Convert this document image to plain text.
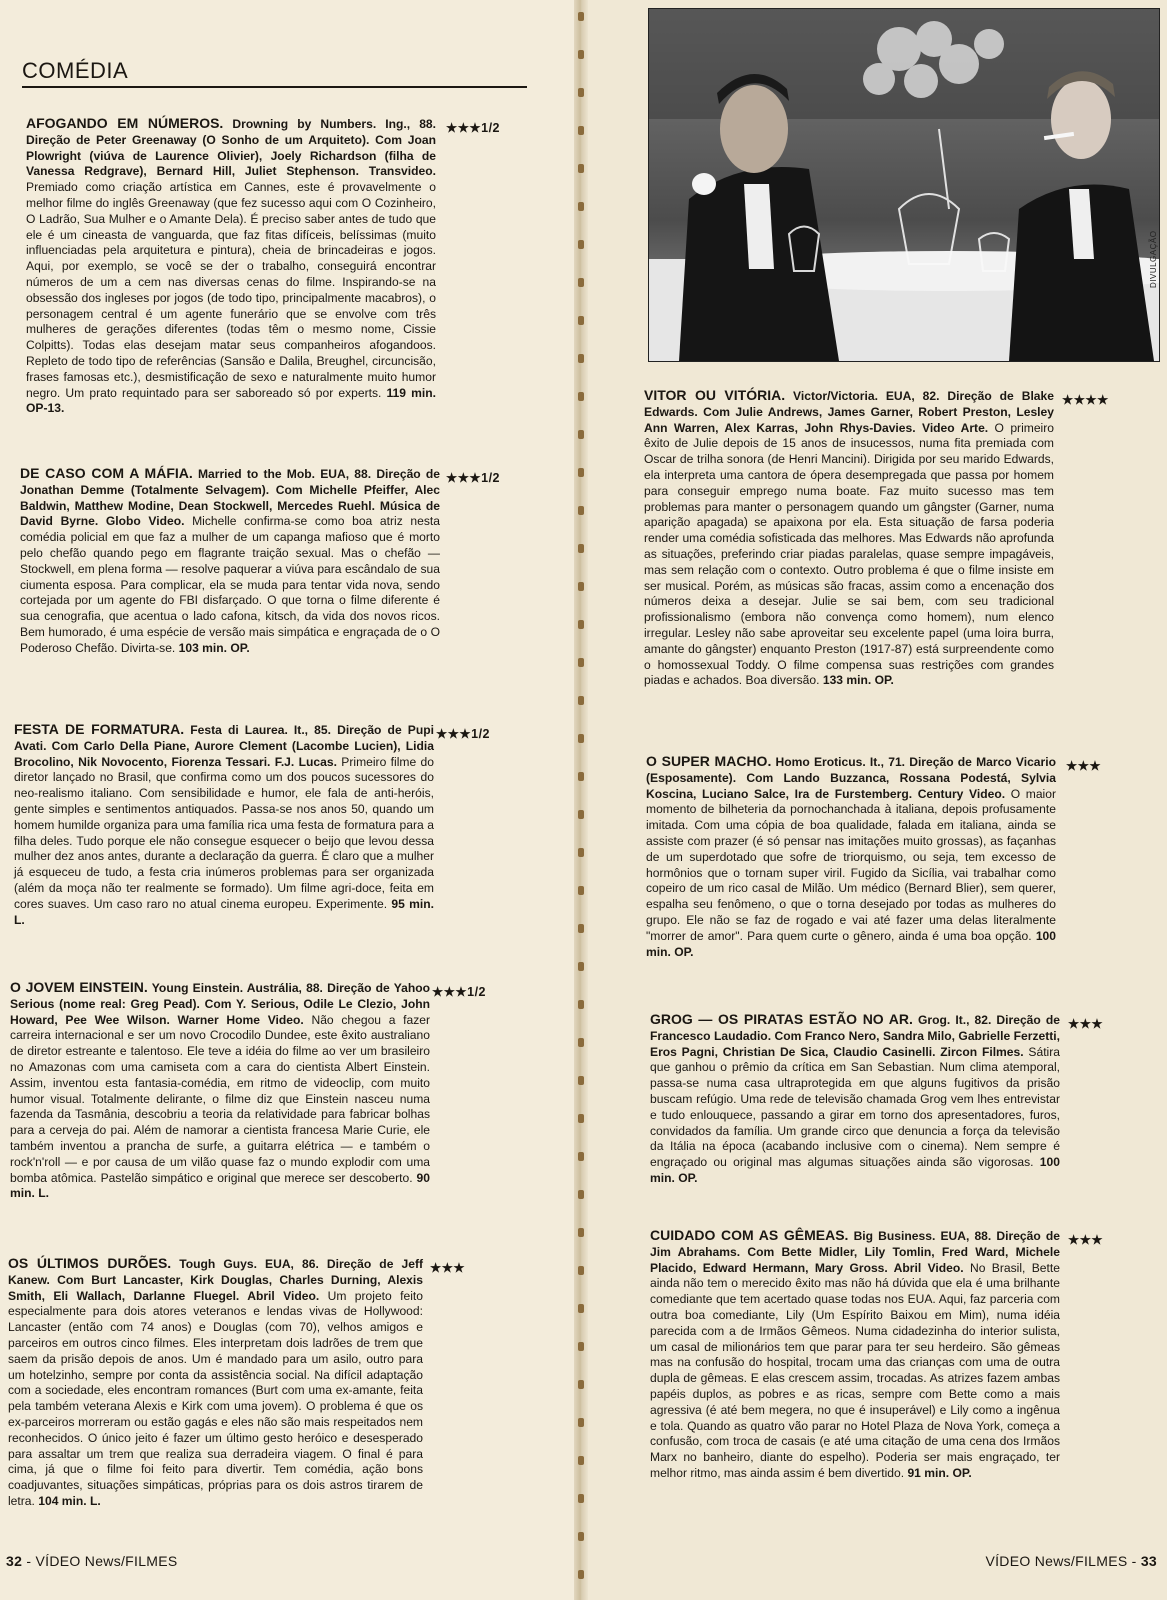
COMÉDIA
AFOGANDO EM NÚMEROS. Drowning by Numbers. Ing., 88. Direção de Peter Greenaway (O Sonho de um Arquiteto). Com Joan Plowright (viúva de Laurence Olivier), Joely Richardson (filha de Vanessa Redgrave), Bernard Hill, Juliet Stephenson. Transvideo. Premiado como criação artística em Cannes, este é provavelmente o melhor filme do inglês Greenaway (que fez sucesso aqui com O Cozinheiro, O Ladrão, Sua Mulher e o Amante Dela). É preciso saber antes de tudo que ele é um cineasta de vanguarda, que faz fitas difíceis, belíssimas (muito influenciadas pela arquitetura e pintura), cheia de brincadeiras e jogos. Aqui, por exemplo, se você se der o trabalho, conseguirá encontrar números de um a cem nas diversas cenas do filme. Inspirando-se na obsessão dos ingleses por jogos (de todo tipo, principalmente macabros), o personagem central é um agente funerário que se envolve com três mulheres de gerações diferentes (todas têm o mesmo nome, Cissie Colpitts). Todas elas desejam matar seus companheiros afogandoos. Repleto de todo tipo de referências (Sansão e Dalila, Breughel, circuncisão, frases famosas etc.), desmistificação de sexo e naturalmente muito humor negro. Um prato requintado para ser saboreado só por experts. 119 min. OP-13.
★★★1/2
DE CASO COM A MÁFIA. Married to the Mob. EUA, 88. Direção de Jonathan Demme (Totalmente Selvagem). Com Michelle Pfeiffer, Alec Baldwin, Matthew Modine, Dean Stockwell, Mercedes Ruehl. Música de David Byrne. Globo Video. Michelle confirma-se como boa atriz nesta comédia policial em que faz a mulher de um capanga mafioso que é morto pelo chefão quando pego em flagrante traição sexual. Mas o chefão — Stockwell, em plena forma — resolve paquerar a viúva para escândalo de sua ciumenta esposa. Para complicar, ela se muda para tentar vida nova, sendo cortejada por um agente do FBI disfarçado. O que torna o filme diferente é sua cenografia, que acentua o lado cafona, kitsch, da vida dos novos ricos. Bem humorado, é uma espécie de versão mais simpática e engraçada de o O Poderoso Chefão. Divirta-se. 103 min. OP.
★★★1/2
FESTA DE FORMATURA. Festa di Laurea. It., 85. Direção de Pupi Avati. Com Carlo Della Piane, Aurore Clement (Lacombe Lucien), Lidia Brocolino, Nik Novocento, Fiorenza Tessari. F.J. Lucas. Primeiro filme do diretor lançado no Brasil, que confirma como um dos poucos sucessores do neo-realismo italiano. Com sensibilidade e humor, ele fala de anti-heróis, gente simples e sentimentos antiquados. Passa-se nos anos 50, quando um homem humilde organiza para uma família rica uma festa de formatura para a filha deles. Tudo porque ele não consegue esquecer o beijo que levou dessa mulher dez anos antes, durante a declaração da guerra. É claro que a mulher já esqueceu de tudo, a festa cria inúmeros problemas para ser organizada (além da moça não ter realmente se formado). Um filme agri-doce, feita em cores suaves. Um caso raro no atual cinema europeu. Experimente. 95 min. L.
★★★1/2
O JOVEM EINSTEIN. Young Einstein. Austrália, 88. Direção de Yahoo Serious (nome real: Greg Pead). Com Y. Serious, Odile Le Clezio, John Howard, Pee Wee Wilson. Warner Home Video. Não chegou a fazer carreira internacional e ser um novo Crocodilo Dundee, este êxito australiano de diretor estreante e talentoso. Ele teve a idéia do filme ao ver um brasileiro no Amazonas com uma camiseta com a cara do cientista Albert Einstein. Assim, inventou esta fantasia-comédia, em ritmo de videoclip, com muito humor visual. Totalmente delirante, o filme diz que Einstein nasceu numa fazenda da Tasmânia, descobriu a teoria da relatividade para fabricar bolhas para a cerveja do pai. Além de namorar a cientista francesa Marie Curie, ele também inventou a prancha de surfe, a guitarra elétrica — e também o rock'n'roll — e por causa de um vilão quase faz o mundo explodir com uma bomba atômica. Pastelão simpático e original que merece ser descoberto. 90 min. L.
★★★1/2
OS ÚLTIMOS DURÕES. Tough Guys. EUA, 86. Direção de Jeff Kanew. Com Burt Lancaster, Kirk Douglas, Charles Durning, Alexis Smith, Eli Wallach, Darlanne Fluegel. Abril Video. Um projeto feito especialmente para dois atores veteranos e lendas vivas de Hollywood: Lancaster (então com 74 anos) e Douglas (com 70), velhos amigos e parceiros em outros cinco filmes. Eles interpretam dois ladrões de trem que saem da prisão depois de anos. Um é mandado para um asilo, outro para um hotelzinho, sempre por conta da assistência social. Na difícil adaptação com a sociedade, eles encontram romances (Burt com uma ex-amante, feita pela também veterana Alexis e Kirk com uma jovem). O problema é que os ex-parceiros morreram ou estão gagás e eles não são mais respeitados nem reconhecidos. O único jeito é fazer um último gesto heróico e desesperado para assaltar um trem que realiza sua derradeira viagem. O final é para cima, já que o filme foi feito para divertir. Tem comédia, ação bons coadjuvantes, situações simpáticas, próprias para os dois astros tirarem de letra. 104 min. L.
★★★
32 - VÍDEO News/FILMES
DIVULGAÇÃO
VITOR OU VITÓRIA. Victor/Victoria. EUA, 82. Direção de Blake Edwards. Com Julie Andrews, James Garner, Robert Preston, Lesley Ann Warren, Alex Karras, John Rhys-Davies. Video Arte. O primeiro êxito de Julie depois de 15 anos de insucessos, numa fita premiada com Oscar de trilha sonora (de Henri Mancini). Dirigida por seu marido Edwards, ela interpreta uma cantora de ópera desempregada que passa por homem para conseguir emprego numa boate. Faz muito sucesso mas tem problemas para manter o personagem quando um gângster (Garner, numa aparição apagada) se apaixona por ela. Esta situação de farsa poderia render uma comédia sofisticada das melhores. Mas Edwards não aprofunda as situações, preferindo criar piadas paralelas, quase sempre impagáveis, mas sem relação com o contexto. Outro problema é que o filme insiste em ser musical. Porém, as músicas são fracas, assim como a encenação dos números deixa a desejar. Julie se sai bem, com seu tradicional profissionalismo (embora não convença como homem), num elenco irregular. Lesley não sabe aproveitar seu excelente papel (uma loira burra, amante do gângster) enquanto Preston (1917-87) está surpreendente como o homossexual Toddy. O filme compensa suas restrições com grandes piadas e achados. Boa diversão. 133 min. OP.
★★★★
O SUPER MACHO. Homo Eroticus. It., 71. Direção de Marco Vicario (Esposamente). Com Lando Buzzanca, Rossana Podestá, Sylvia Koscina, Luciano Salce, Ira de Furstemberg. Century Video. O maior momento de bilheteria da pornochanchada à italiana, depois profusamente imitada. Com uma cópia de boa qualidade, falada em italiana, ainda se assiste com prazer (é só pensar nas imitações muito grossas), as façanhas de um superdotado que sofre de triorquismo, ou seja, tem excesso de hormônios que o tornam super viril. Fugido da Sicília, vai trabalhar como copeiro de um rico casal de Milão. Um médico (Bernard Blier), sem querer, espalha seu fenômeno, o que o torna desejado por todas as mulheres do grupo. Ele não se faz de rogado e vai até fazer uma delas literalmente "morrer de amor". Para quem curte o gênero, ainda é uma boa opção. 100 min. OP.
★★★
GROG — OS PIRATAS ESTÃO NO AR. Grog. It., 82. Direção de Francesco Laudadio. Com Franco Nero, Sandra Milo, Gabrielle Ferzetti, Eros Pagni, Christian De Sica, Claudio Casinelli. Zircon Filmes. Sátira que ganhou o prêmio da crítica em San Sebastian. Num clima atemporal, passa-se numa casa ultraprotegida em que alguns fugitivos da prisão buscam refúgio. Uma rede de televisão chamada Grog vem lhes entrevistar e tudo enlouquece, passando a girar em torno dos apresentadores, furos, convidados da família. Um grande circo que denuncia a força da televisão da Itália na época (acabando inclusive com o cinema). Nem sempre é engraçado ou original mas algumas situações ainda são vigorosas. 100 min. OP.
★★★
CUIDADO COM AS GÊMEAS. Big Business. EUA, 88. Direção de Jim Abrahams. Com Bette Midler, Lily Tomlin, Fred Ward, Michele Placido, Edward Hermann, Mary Gross. Abril Video. No Brasil, Bette ainda não tem o merecido êxito mas não há dúvida que ela é uma brilhante comediante que tem acertado quase todas nos EUA. Aqui, faz parceria com outra boa comediante, Lily (Um Espírito Baixou em Mim), numa idéia parecida com a de Irmãos Gêmeos. Numa cidadezinha do interior sulista, um casal de milionários tem que parar para ter seu herdeiro. São gêmeas mas na confusão do hospital, trocam uma das crianças com uma de outra dupla de gêmeas. E elas crescem assim, trocadas. As atrizes fazem ambas papéis duplos, as pobres e as ricas, sempre com Bette como a mais agressiva (é até bem megera, no que é insuperável) e Lily como a ingênua e tola. Quando as quatro vão parar no Hotel Plaza de Nova York, começa a confusão, com troca de casais (e até uma citação de uma cena dos Irmãos Marx no banheiro, diante do espelho). Poderia ser mais engraçado, ter melhor ritmo, mas ainda assim é bem divertido. 91 min. OP.
★★★
VÍDEO News/FILMES - 33
